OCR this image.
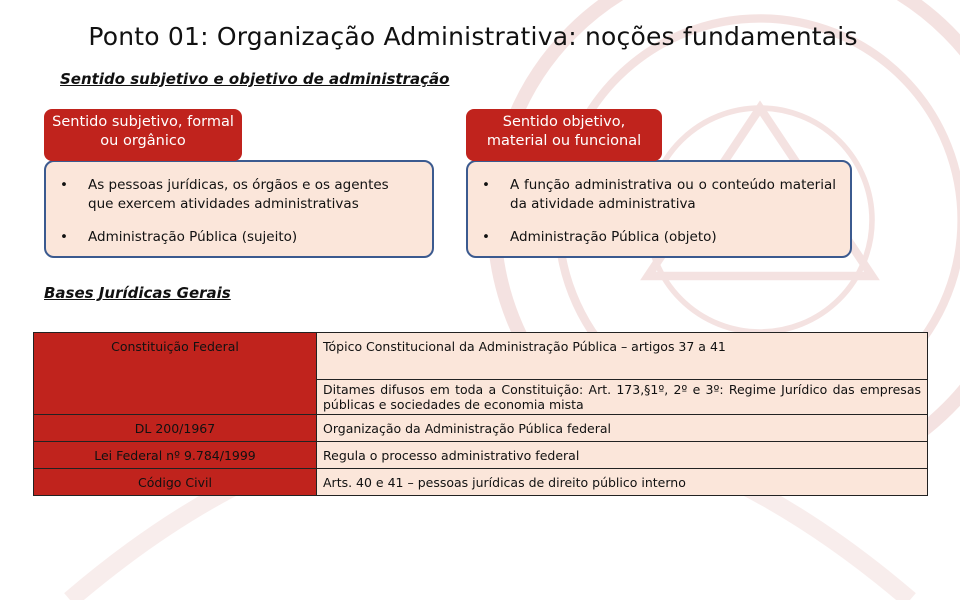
Ponto 01: Organização Administrativa: noções fundamentais
Sentido subjetivo e objetivo de administração
Sentido subjetivo, formal ou orgânico
• As pessoas jurídicas, os órgãos e os agentes que exercem atividades administrativas
• Administração Pública (sujeito)
Sentido objetivo, material ou funcional
• A função administrativa ou o conteúdo material da atividade administrativa
• Administração Pública (objeto)
Bases Jurídicas Gerais
Constituição Federal	Tópico Constitucional da Administração Pública – artigos 37 a 41
	Ditames difusos em toda a Constituição: Art. 173,§1º, 2º e 3º: Regime Jurídico das empresas públicas e sociedades de economia mista
DL 200/1967	Organização da Administração Pública federal
Lei Federal nº 9.784/1999	Regula o processo administrativo federal
Código Civil	Arts. 40 e 41 – pessoas jurídicas de direito público interno
